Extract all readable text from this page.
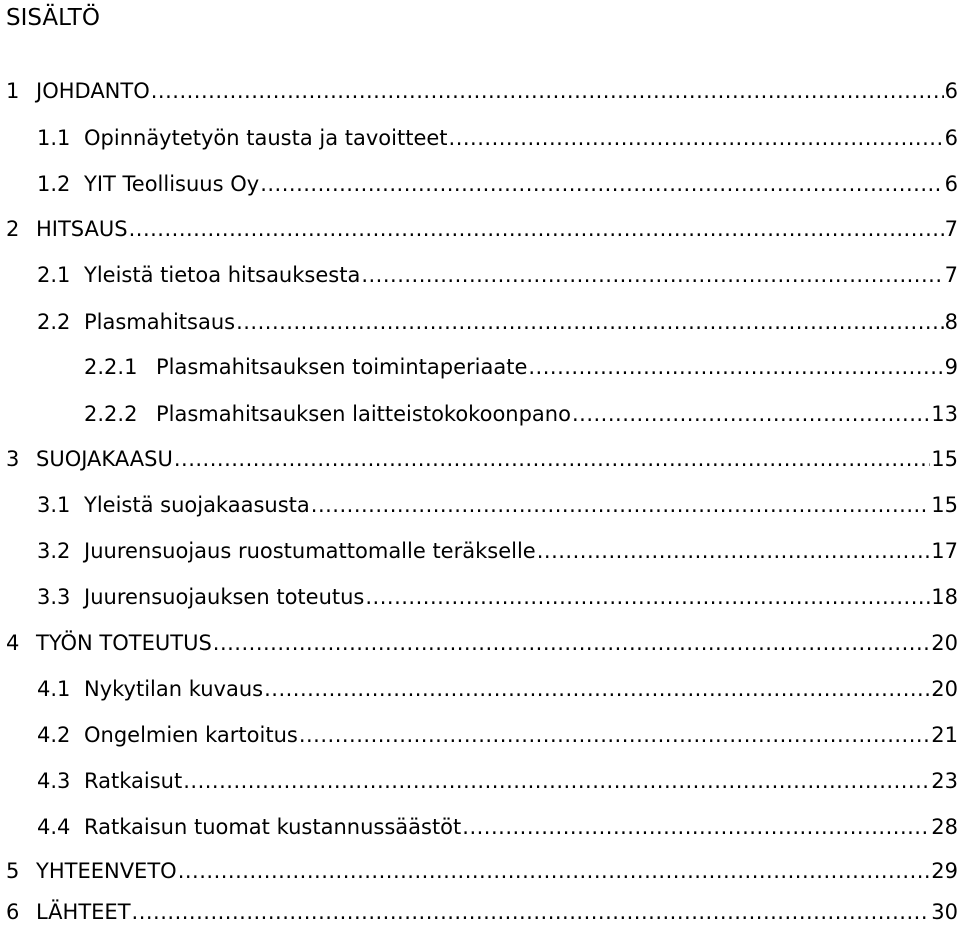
SISÄLTÖ
1 JOHDANTO .....	6
1.1 Opinnäytetyön tausta ja tavoitteet .....	6
1.2 YIT Teollisuus Oy .....	6
2 HITSAUS .....	7
2.1 Yleistä tietoa hitsauksesta .....	7
2.2 Plasmahitsaus .....	8
2.2.1 Plasmahitsauksen toimintaperiaate .....	9
2.2.2 Plasmahitsauksen laitteistokokoonpano .....	13
3 SUOJAKAASU .....	15
3.1 Yleistä suojakaasusta .....	15
3.2 Juurensuojaus ruostumattomalle teräkselle .....	17
3.3 Juurensuojauksen toteutus .....	18
4 TYÖN TOTEUTUS .....	20
4.1 Nykytilan kuvaus .....	20
4.2 Ongelmien kartoitus .....	21
4.3 Ratkaisut .....	23
4.4 Ratkaisun tuomat kustannussäästöt .....	28
5 YHTEENVETO .....	29
6 LÄHTEET .....	30
